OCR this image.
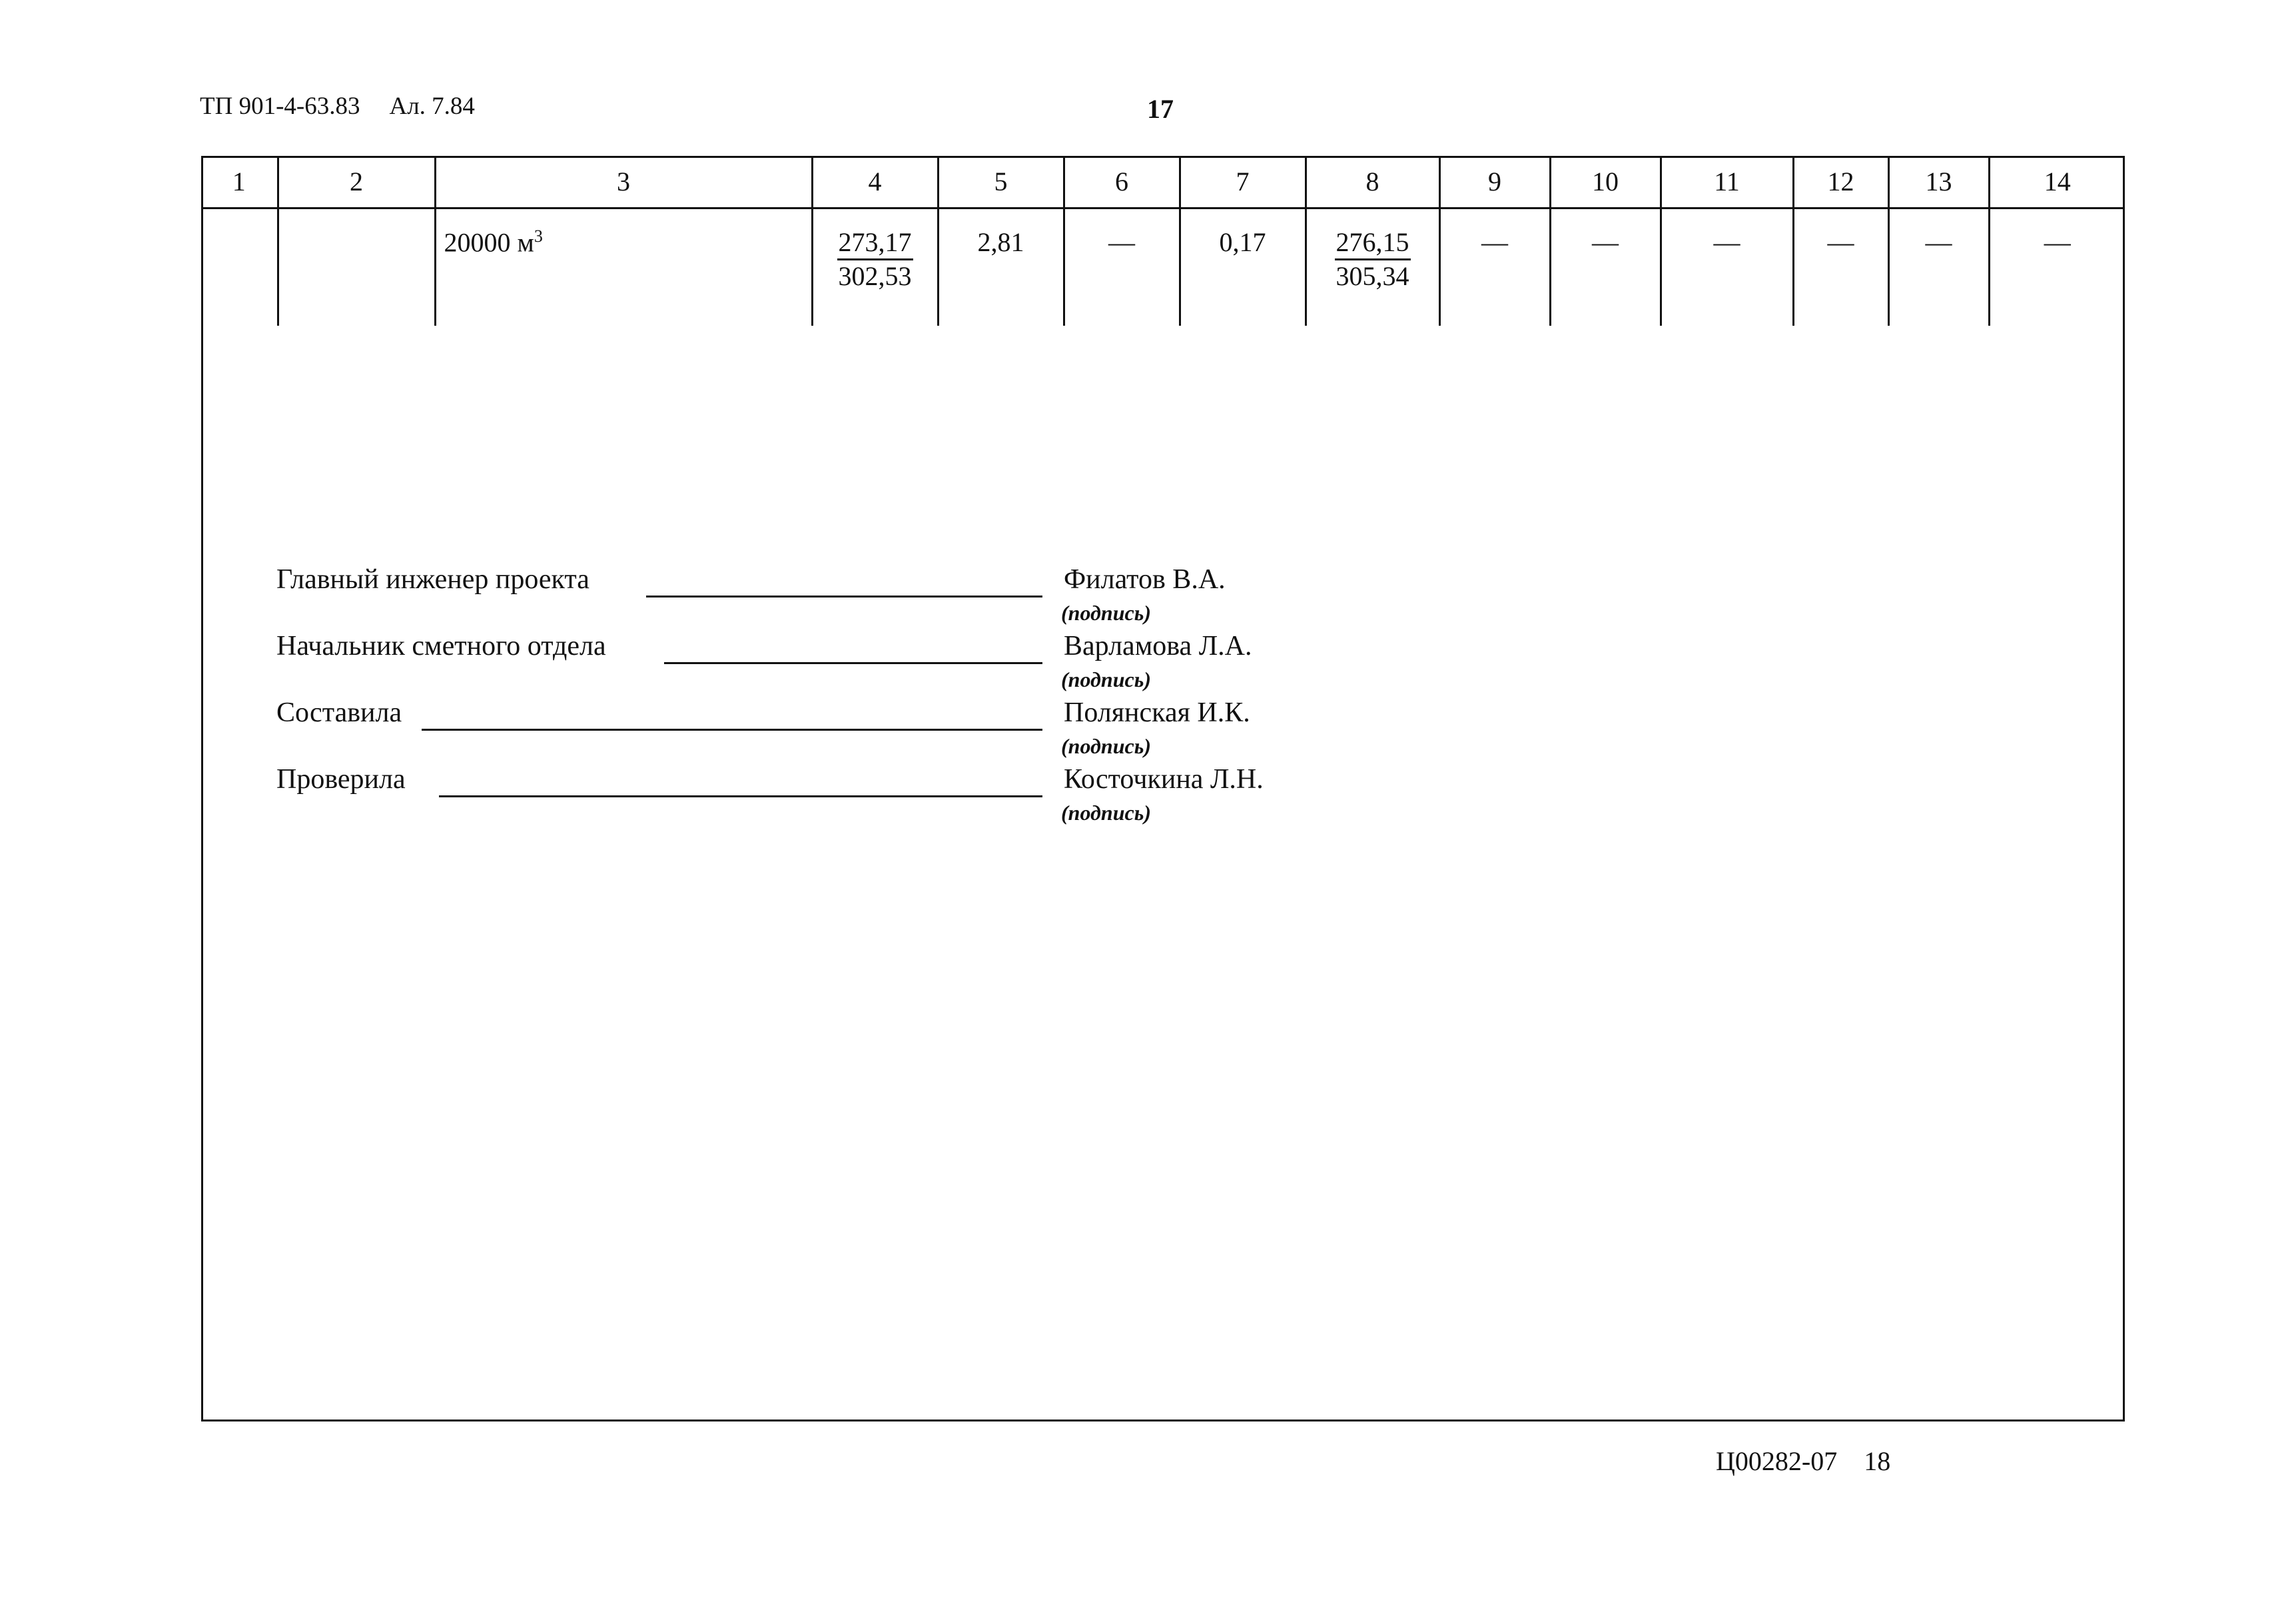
ТП 901-4-63.83 Ал. 7.84	17
1	2	3	4	5	6	7	8	9	10	11	12	13	14
		20000 $м^3$	$\frac{273,17}{302,53}$	2,81	—	0,17	$\frac{276,15}{305,34}$	—	—	—	—	—	—
Главный инженер проекта	Филатов В.А.
(подпись)
Начальник сметного отдела	Варламова Л.А.
(подпись)
Составила	Полянская И.К.
(подпись)
Проверила	Косточкина Л.Н.
(подпись)
Ц00282-07 18
